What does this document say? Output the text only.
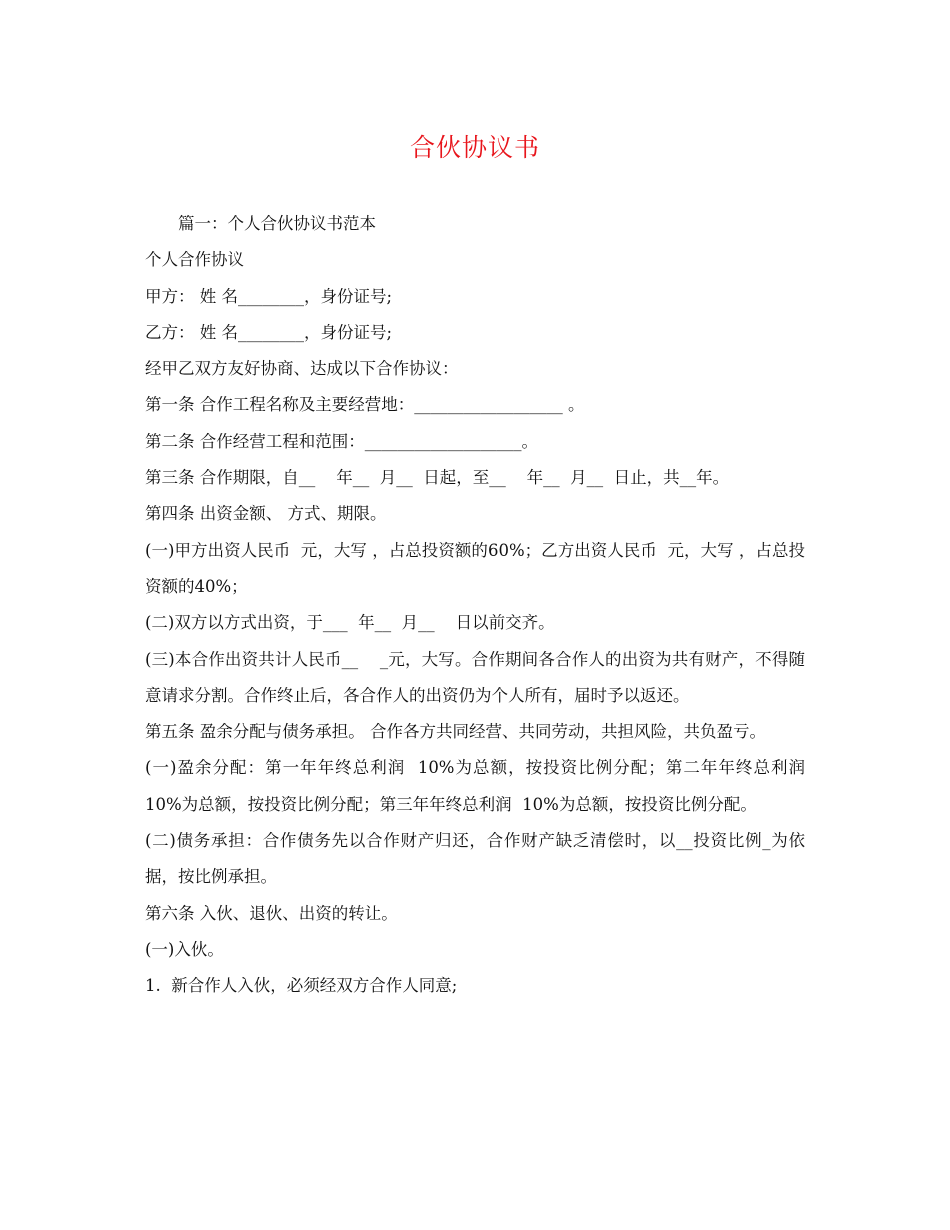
合伙协议书

篇一：个人合伙协议书范本

个人合作协议

甲方： 姓 名________，身份证号;

乙方： 姓 名________，身份证号;

经甲乙双方友好协商、达成以下合作协议：

第一条 合作工程名称及主要经营地：__________________ 。

第二条 合作经营工程和范围：___________________。

第三条 合作期限，自__    年__  月__  日起，至__    年__  月__  日止，共__年。

第四条 出资金额、 方式、期限。

(一)甲方出资人民币  元，大写 ，占总投资额的60%；乙方出资人民币  元，大写 ，占总投资额的40%；

(二)双方以方式出资，于___  年__  月__    日以前交齐。

(三)本合作出资共计人民币__    _元，大写。合作期间各合作人的出资为共有财产，不得随意请求分割。合作终止后，各合作人的出资仍为个人所有，届时予以返还。

第五条 盈余分配与债务承担。 合作各方共同经营、共同劳动，共担风险，共负盈亏。

(一)盈余分配：第一年年终总利润  10%为总额，按投资比例分配；第二年年终总利润  10%为总额，按投资比例分配；第三年年终总利润  10%为总额，按投资比例分配。

(二)债务承担：合作债务先以合作财产归还，合作财产缺乏清偿时，以__投资比例_为依据，按比例承担。

第六条 入伙、退伙、出资的转让。

(一)入伙。

1.  新合作人入伙，必须经双方合作人同意;
